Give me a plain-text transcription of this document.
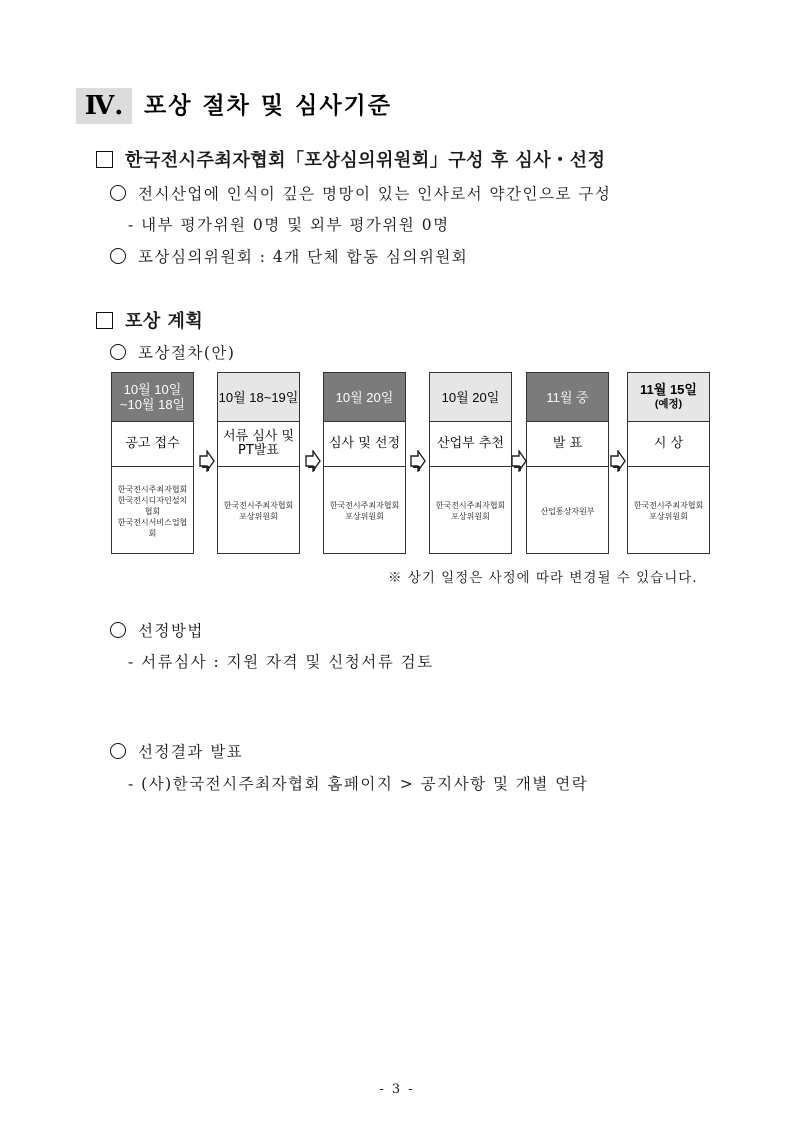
Ⅳ. 포상 절차 및 심사기준
한국전시주최자협회「포상심의위원회」구성 후 심사・선정
전시산업에 인식이 깊은 명망이 있는 인사로서 약간인으로 구성
- 내부 평가위원 0명 및 외부 평가위원 0명
포상심의위원회 : 4개 단체 합동 심의위원회
포상 계획
포상절차(안)
10월 10일
~10월 18일
공고 접수
한국전시주최자협회
한국전시디자인설치협회
한국전시서비스업협회
10월 18~19일
서류 심사 및
PT발표
한국전시주최자협회
포상위원회
10월 20일
심사 및 선정
한국전시주최자협회
포상위원회
10월 20일
산업부 추천
한국전시주최자협회
포상위원회
11월 중
발 표
산업통상자원부
11월 15일
(예정)
시 상
한국전시주최자협회
포상위원회
※ 상기 일정은 사정에 따라 변경될 수 있습니다.
선정방법
- 서류심사 : 지원 자격 및 신청서류 검토
선정결과 발표
- (사)한국전시주최자협회 홈페이지 > 공지사항 및 개별 연락
- 3 -
